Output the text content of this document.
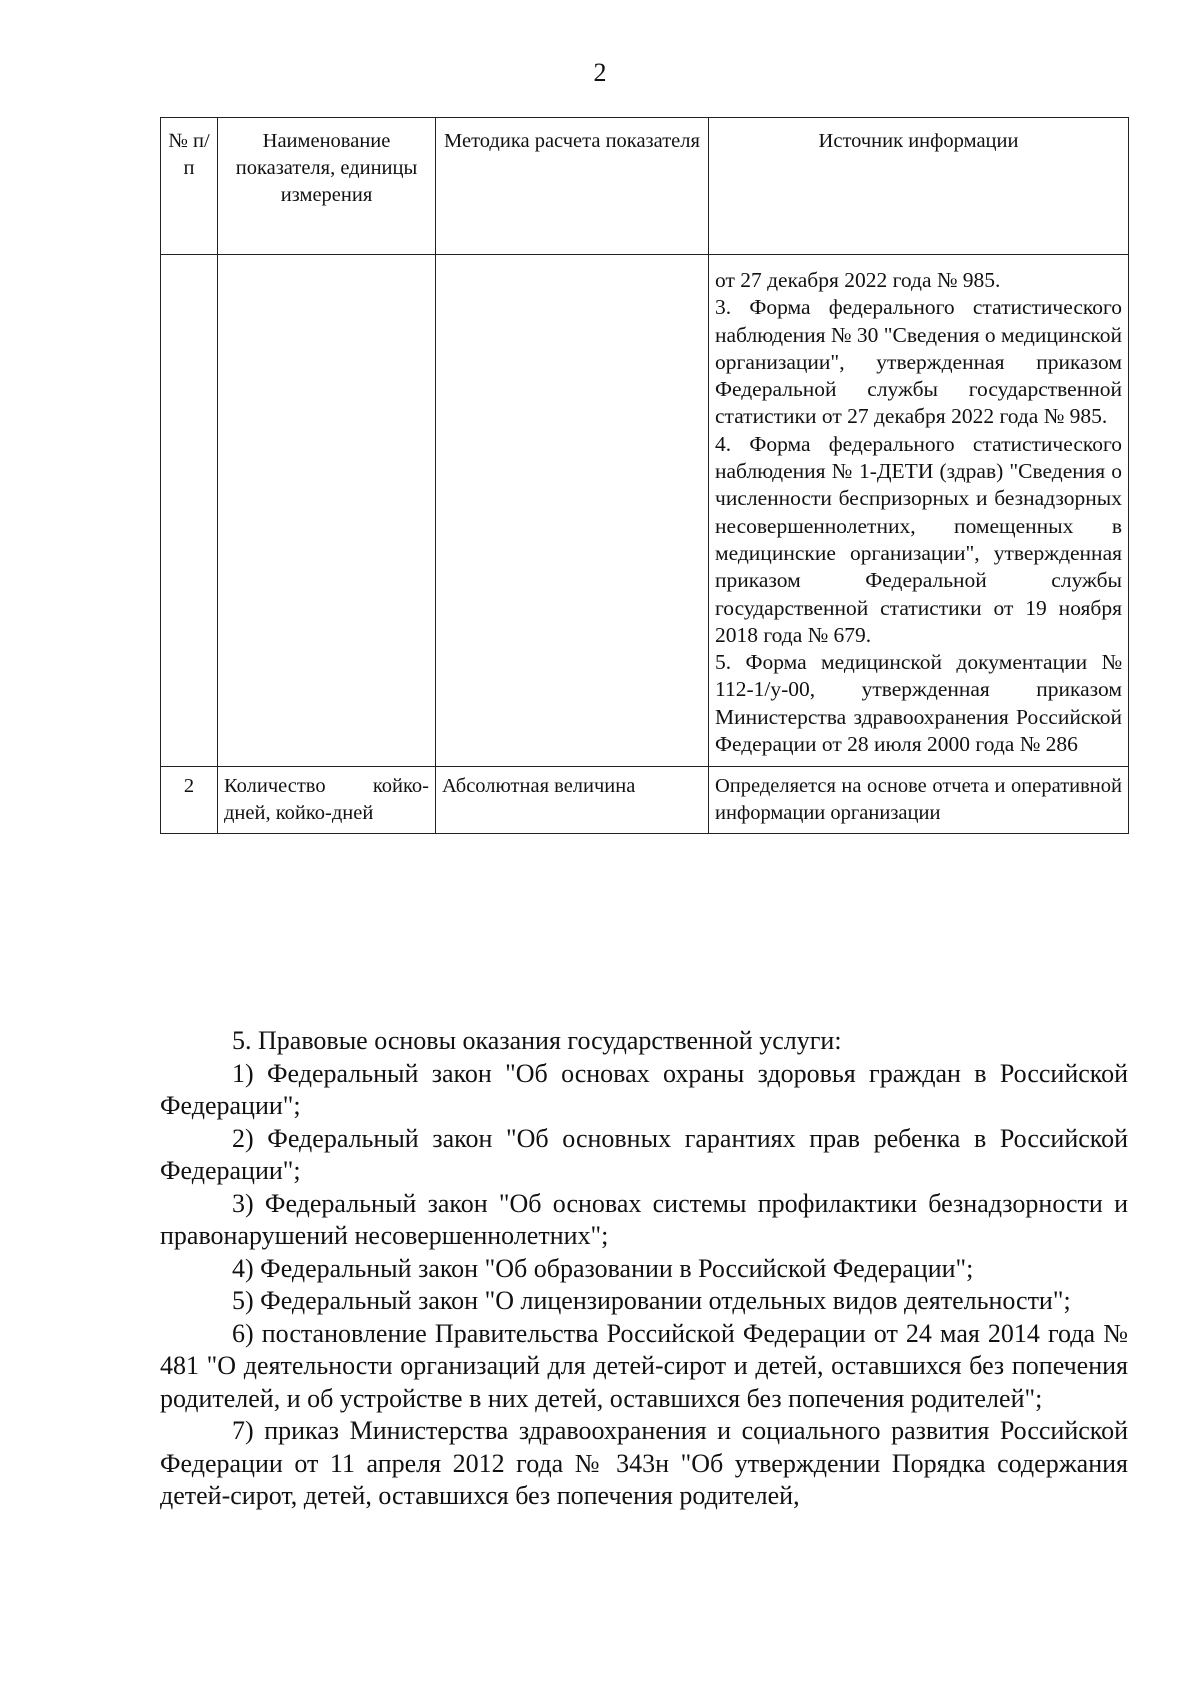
2
№ п/п	Наименование показателя, единицы измерения	Методика расчета показателя	Источник информации

			от 27 декабря 2022 года № 985.

3. Форма федерального статистического наблюдения № 30 "Сведения о медицинской организации", утвержденная приказом Федеральной службы государственной статистики от 27 декабря 2022 года № 985.

4. Форма федерального статистического наблюдения № 1-ДЕТИ (здрав) "Сведения о численности беспризорных и безнадзорных несовершеннолетних, помещенных в медицинские организации", утвержденная приказом Федеральной службы государственной статистики от 19 ноября 2018 года № 679.

5. Форма медицинской документации № 112-1/у-00, утвержденная приказом Министерства здравоохранения Российской Федерации от 28 июля 2000 года № 286

2	Количество койко-дней, койко-дней	Абсолютная величина	Определяется на основе отчета и оперативной информации организации

5. Правовые основы оказания государственной услуги:

1) Федеральный закон "Об основах охраны здоровья граждан в Российской Федерации";

2) Федеральный закон "Об основных гарантиях прав ребенка в Российской Федерации";

3) Федеральный закон "Об основах системы профилактики безнадзорности и правонарушений несовершеннолетних";

4) Федеральный закон "Об образовании в Российской Федерации";

5) Федеральный закон "О лицензировании отдельных видов деятельности";

6) постановление Правительства Российской Федерации от 24 мая 2014 года № 481 "О деятельности организаций для детей-сирот и детей, оставшихся без попечения родителей, и об устройстве в них детей, оставшихся без попечения родителей";

7) приказ Министерства здравоохранения и социального развития Российской Федерации от 11 апреля 2012 года № 343н "Об утверждении Порядка содержания детей-сирот, детей, оставшихся без попечения родителей,
